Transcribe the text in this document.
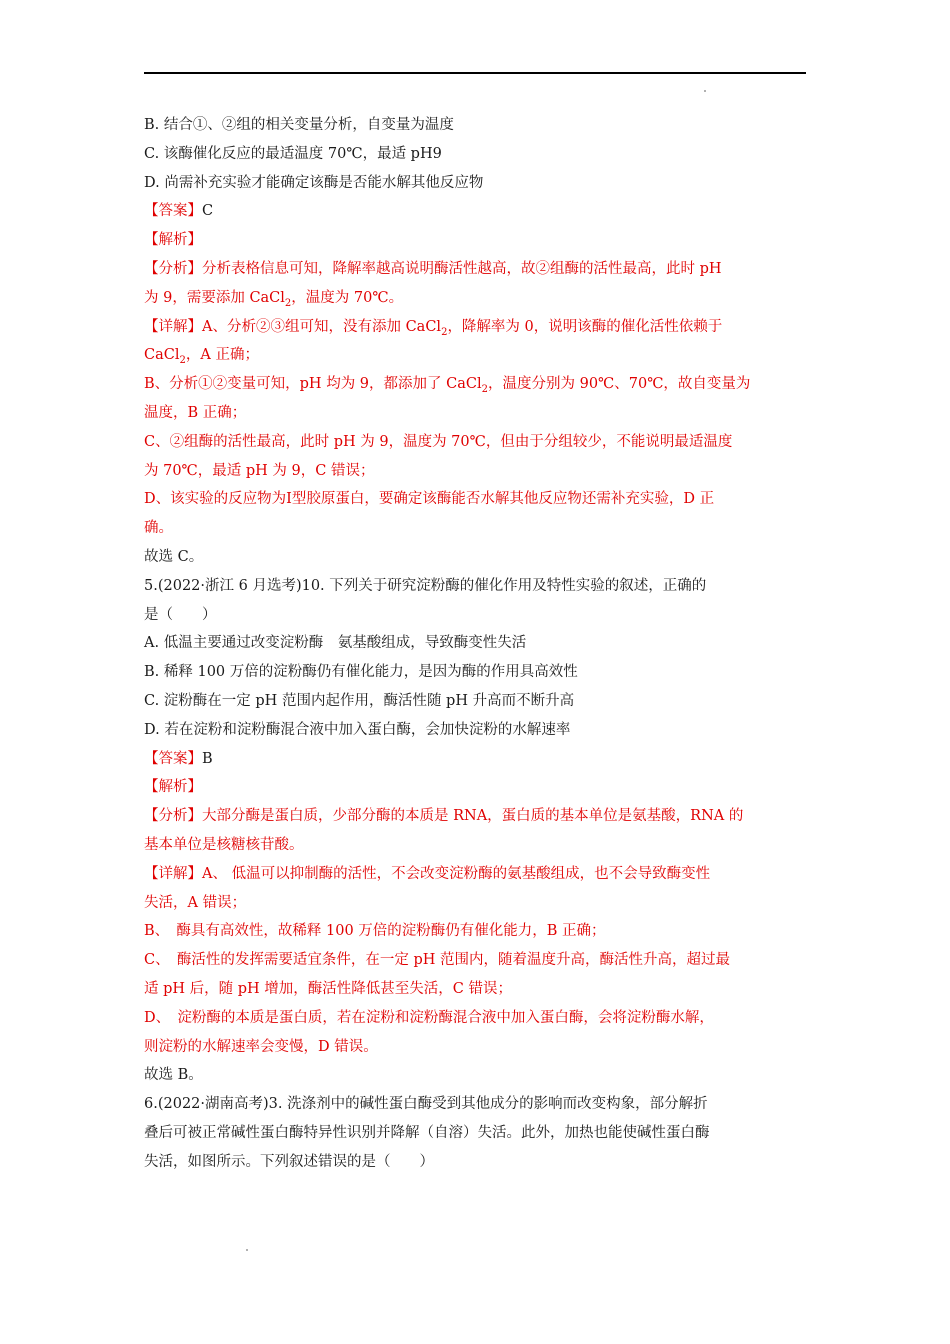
B. 结合①、②组的相关变量分析，自变量为温度
C. 该酶催化反应的最适温度 70℃，最适 pH9
D. 尚需补充实验才能确定该酶是否能水解其他反应物
【答案】C
【解析】
【分析】分析表格信息可知，降解率越高说明酶活性越高，故②组酶的活性最高，此时 pH
为 9，需要添加 CaCl$_2$，温度为 70℃。
【详解】A、分析②③组可知，没有添加 CaCl$_2$，降解率为 0，说明该酶的催化活性依赖于
CaCl$_2$，A 正确；
B、分析①②变量可知，pH 均为 9，都添加了 CaCl$_2$，温度分别为 90℃、70℃，故自变量为
温度，B 正确；
C、②组酶的活性最高，此时 pH 为 9，温度为 70℃，但由于分组较少，不能说明最适温度
为 70℃，最适 pH 为 9，C 错误；
D、该实验的反应物为Ⅰ型胶原蛋白，要确定该酶能否水解其他反应物还需补充实验，D 正
确。
故选 C。
5.(2022·浙江 6 月选考)10. 下列关于研究淀粉酶的催化作用及特性实验的叙述，正确的
是（　　）
A. 低温主要通过改变淀粉酶　氨基酸组成，导致酶变性失活
B. 稀释 100 万倍的淀粉酶仍有催化能力，是因为酶的作用具高效性
C. 淀粉酶在一定 pH 范围内起作用，酶活性随 pH 升高而不断升高
D. 若在淀粉和淀粉酶混合液中加入蛋白酶，会加快淀粉的水解速率
【答案】B
【解析】
【分析】大部分酶是蛋白质，少部分酶的本质是 RNA，蛋白质的基本单位是氨基酸，RNA 的
基本单位是核糖核苷酸。
【详解】A、 低温可以抑制酶的活性，不会改变淀粉酶的氨基酸组成，也不会导致酶变性
失活，A 错误；
B、　酶具有高效性，故稀释 100 万倍的淀粉酶仍有催化能力，B 正确；
C、　酶活性的发挥需要适宜条件，在一定 pH 范围内，随着温度升高，酶活性升高，超过最
适 pH 后，随 pH 增加，酶活性降低甚至失活，C 错误；
D、　淀粉酶的本质是蛋白质，若在淀粉和淀粉酶混合液中加入蛋白酶，会将淀粉酶水解，
则淀粉的水解速率会变慢，D 错误。
故选 B。
6.(2022·湖南高考)3. 洗涤剂中的碱性蛋白酶受到其他成分的影响而改变构象，部分解折
叠后可被正常碱性蛋白酶特异性识别并降解（自溶）失活。此外，加热也能使碱性蛋白酶
失活，如图所示。下列叙述错误的是（　　）
